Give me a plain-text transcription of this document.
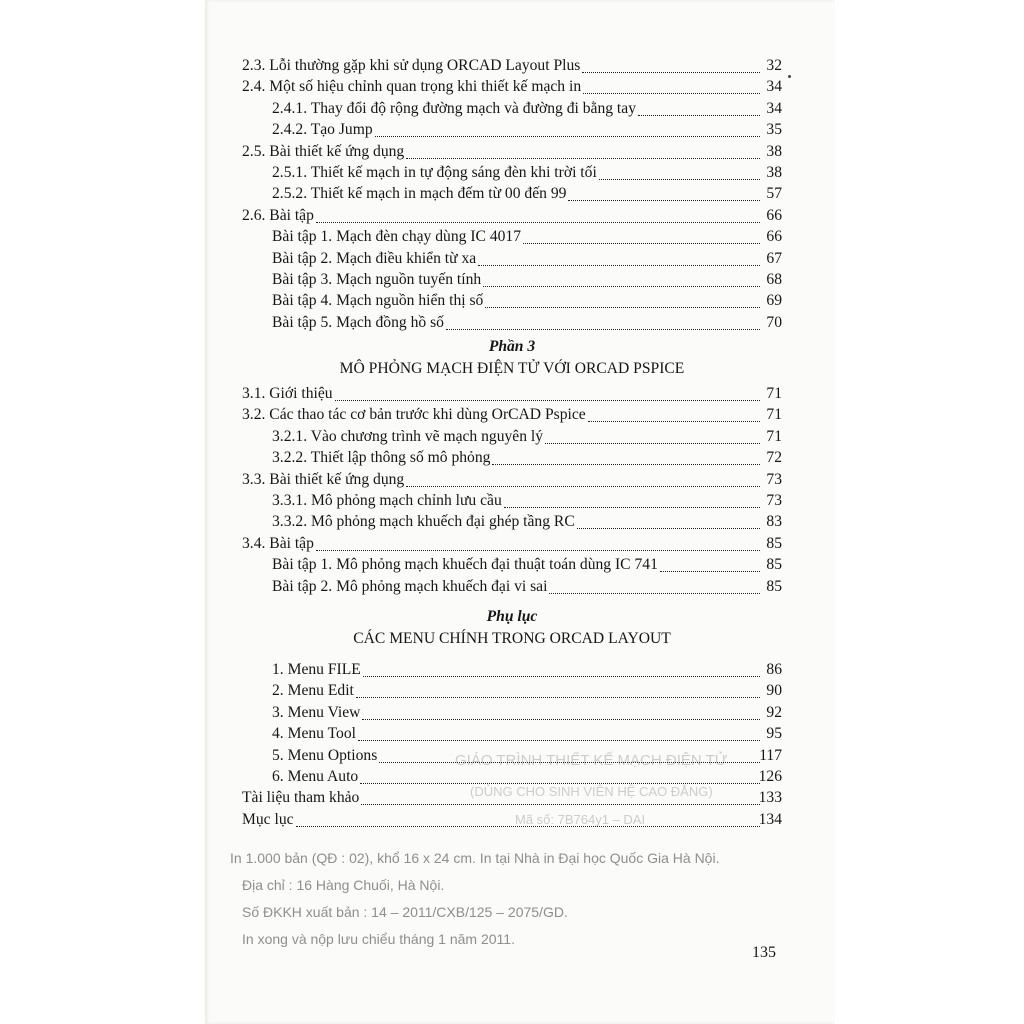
GIÁO TRÌNH THIẾT KẾ MẠCH ĐIỆN TỬ
(DÙNG CHO SINH VIÊN HỆ CAO ĐẲNG)
Mã số: 7B764y1 – DAI
2.3. Lỗi thường gặp khi sử dụng ORCAD Layout Plus	32
2.4. Một số hiệu chỉnh quan trọng khi thiết kế mạch in	34
2.4.1. Thay đổi độ rộng đường mạch và đường đi bằng tay	34
2.4.2. Tạo Jump	35
2.5. Bài thiết kế ứng dụng	38
2.5.1. Thiết kế mạch in tự động sáng đèn khi trời tối	38
2.5.2. Thiết kế mạch in mạch đếm từ 00 đến 99	57
2.6. Bài tập	66
Bài tập 1. Mạch đèn chạy dùng IC 4017	66
Bài tập 2. Mạch điều khiển từ xa	67
Bài tập 3. Mạch nguồn tuyến tính	68
Bài tập 4. Mạch nguồn hiển thị số	69
Bài tập 5. Mạch đồng hồ số	70
Phần 3
MÔ PHỎNG MẠCH ĐIỆN TỬ VỚI ORCAD PSPICE
3.1. Giới thiệu	71
3.2. Các thao tác cơ bản trước khi dùng OrCAD Pspice	71
3.2.1. Vào chương trình vẽ mạch nguyên lý	71
3.2.2. Thiết lập thông số mô phỏng	72
3.3. Bài thiết kế ứng dụng	73
3.3.1. Mô phỏng mạch chỉnh lưu cầu	73
3.3.2. Mô phỏng mạch khuếch đại ghép tầng RC	83
3.4. Bài tập	85
Bài tập 1. Mô phỏng mạch khuếch đại thuật toán dùng IC 741	85
Bài tập 2. Mô phỏng mạch khuếch đại vi sai	85
Phụ lục
CÁC MENU CHÍNH TRONG ORCAD LAYOUT
1. Menu FILE	86
2. Menu Edit	90
3. Menu View	92
4. Menu Tool	95
5. Menu Options	117
6. Menu Auto	126
Tài liệu tham khảo	133
Mục lục	134
In 1.000 bản (QĐ : 02), khổ 16 x 24 cm. In tại Nhà in Đại học Quốc Gia Hà Nội.
Địa chỉ : 16 Hàng Chuối, Hà Nội.
Số ĐKKH xuất bản : 14 – 2011/CXB/125 – 2075/GD.
In xong và nộp lưu chiểu tháng 1 năm 2011.
135
